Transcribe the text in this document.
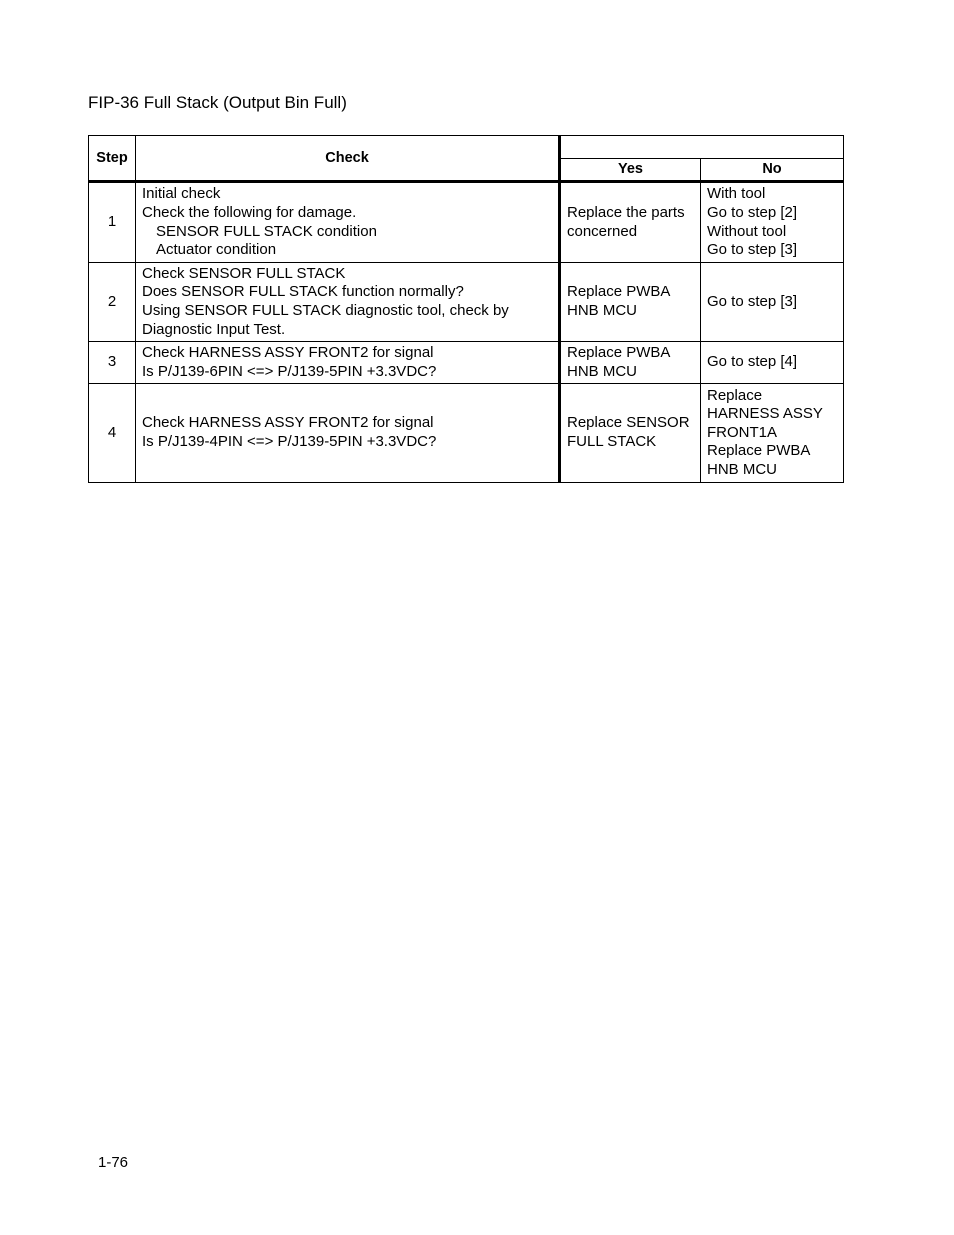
FIP-36 Full Stack (Output Bin Full)
Step	Check		
		Yes	No
1	Initial check
Check the following for damage.
SENSOR FULL STACK condition
Actuator condition	Replace the parts
concerned	With tool
Go to step [2]
Without tool
Go to step [3]

2	Check SENSOR FULL STACK
Does SENSOR FULL STACK function normally?
Using SENSOR FULL STACK diagnostic tool, check by
Diagnostic Input Test.	Replace PWBA
HNB MCU	Go to step [3]

3	Check HARNESS ASSY FRONT2 for signal
Is P/J139-6PIN <=> P/J139-5PIN +3.3VDC?	Replace PWBA
HNB MCU	Go to step [4]

4	Check HARNESS ASSY FRONT2 for signal
Is P/J139-4PIN <=> P/J139-5PIN +3.3VDC?	Replace SENSOR
FULL STACK	Replace
HARNESS ASSY
FRONT1A
Replace PWBA
HNB MCU
1-76
